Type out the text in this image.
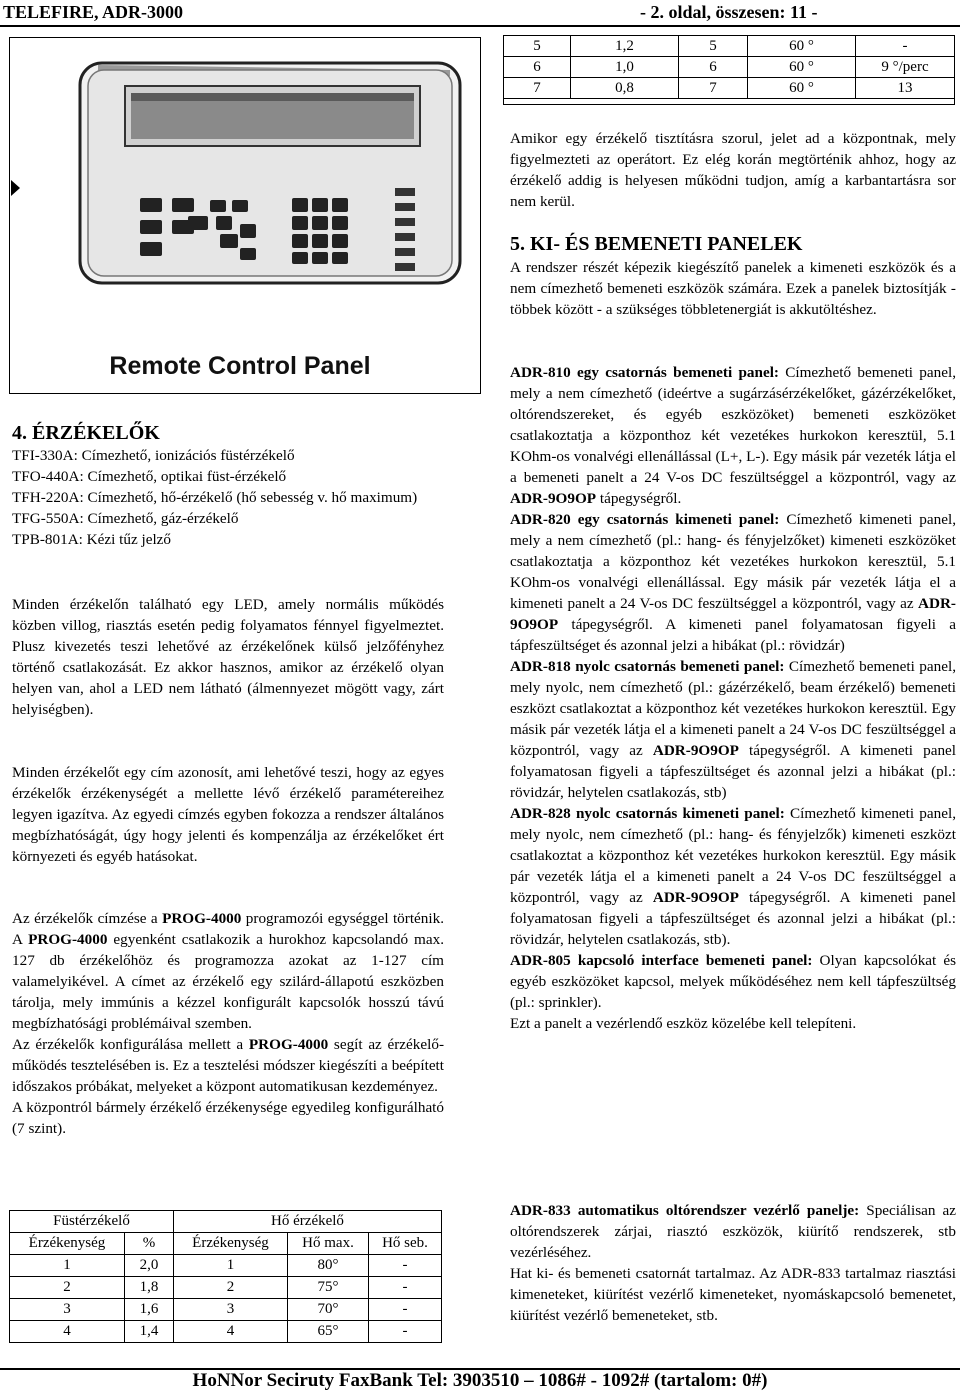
TELEFIRE, ADR-3000	- 2. oldal, összesen: 11 -
5	1,2	5	60 °	-
6	1,0	6	60 °	9 °/perc
7	0,8	7	60 °	13
Remote Control Panel
Amikor egy érzékelő tisztításra szorul, jelet ad a központnak, mely figyelmezteti az operátort. Ez elég korán megtörténik ahhoz, hogy az érzékelő addig is helyesen működni tudjon, amíg a karbantartásra sor nem kerül.
5. KI- ÉS BEMENETI PANELEK
A rendszer részét képezik kiegészítő panelek a kimeneti eszközök és a nem címezhető bemeneti eszközök számára. Ezek a panelek biztosítják - többek között - a szükséges többletenergiát is akkutöltéshez.

ADR-810 egy csatornás bemeneti panel: Címezhető bemeneti panel, mely a nem címezhető (ideértve a sugárzásérzékelőket, gázérzékelőket, oltórendszereket, és egyéb eszközöket) bemeneti eszközöket csatlakoztatja a központhoz két vezetékes hurkokon keresztül, 5.1 KOhm-os vonalvégi ellenállással (L+, L-). Egy másik pár vezeték látja el a bemeneti panelt a 24 V-os DC feszültséggel a központról, vagy az ADR-9O9OP tápegységről.

ADR-820 egy csatornás kimeneti panel: Címezhető kimeneti panel, mely a nem címezhető (pl.: hang- és fényjelzőket) kimeneti eszközöket csatlakoztatja a központhoz két vezetékes hurkokon keresztül, 5.1 KOhm-os vonalvégi ellenállással. Egy másik pár vezeték látja el a kimeneti panelt a 24 V-os DC feszültséggel a központról, vagy az ADR-9O9OP tápegységről. A kimeneti panel folyamatosan figyeli a tápfeszültséget és azonnal jelzi a hibákat (pl.: rövidzár)

ADR-818 nyolc csatornás bemeneti panel: Címezhető bemeneti panel, mely nyolc, nem címezhető (pl.: gázérzékelő, beam érzékelő) bemeneti eszközt csatlakoztat a központhoz két vezetékes hurkokon keresztül. Egy másik pár vezeték látja el a kimeneti panelt a 24 V-os DC feszültséggel a központról, vagy az ADR-9O9OP tápegységről. A kimeneti panel folyamatosan figyeli a tápfeszültséget és azonnal jelzi a hibákat (pl.: rövidzár, helytelen csatlakozás, stb)

ADR-828 nyolc csatornás kimeneti panel: Címezhető kimeneti panel, mely nyolc, nem címezhető (pl.: hang- és fényjelzők) kimeneti eszközt csatlakoztat a központhoz két vezetékes hurkokon keresztül. Egy másik pár vezeték látja el a kimeneti panelt a 24 V-os DC feszültséggel a központról, vagy az ADR-9O9OP tápegységről. A kimeneti panel folyamatosan figyeli a tápfeszültséget és azonnal jelzi a hibákat (pl.: rövidzár, helytelen csatlakozás, stb).

ADR-805 kapcsoló interface bemeneti panel: Olyan kapcsolókat és egyéb eszközöket kapcsol, melyek működéséhez nem kell tápfeszültség (pl.: sprinkler).

Ezt a panelt a vezérlendő eszköz közelébe kell telepíteni.

ADR-833 automatikus oltórendszer vezérlő panelje: Speciálisan az oltórendszerek zárjai, riasztó eszközök, kiürítő rendszerek, stb vezérléséhez.

Hat ki- és bemeneti csatornát tartalmaz. Az ADR-833 tartalmaz riasztási kimeneteket, kiürítést vezérlő kimeneteket, nyomáskapcsoló bemenetet, kiürítést vezérlő bemeneteket, stb.

4. ÉRZÉKELŐK

TFI-330A: Címezhető, ionizációs füstérzékelő

TFO-440A: Címezhető, optikai füst-érzékelő

TFH-220A: Címezhető, hő-érzékelő (hő sebesség v. hő maximum)

TFG-550A: Címezhető, gáz-érzékelő

TPB-801A: Kézi tűz jelző

Minden érzékelőn található egy LED, amely normális működés közben villog, riasztás esetén pedig folyamatos fénnyel figyelmeztet. Plusz kivezetés teszi lehetővé az érzékelőnek külső jelzőfényhez történő csatlakozását. Ez akkor hasznos, amikor az érzékelő olyan helyen van, ahol a LED nem látható (álmennyezet mögött vagy, zárt helyiségben).
Minden érzékelőt egy cím azonosít, ami lehetővé teszi, hogy az egyes érzékelők érzékenységét a mellette lévő érzékelő paramétereihez legyen igazítva. Az egyedi címzés egyben fokozza a rendszer általános megbízhatóságát, úgy hogy jelenti és kompenzálja az érzékelőket ért környezeti és egyéb hatásokat.

Az érzékelők címzése a PROG-4000 programozói egységgel történik. A PROG-4000 egyenként csatlakozik a hurokhoz kapcsolandó max. 127 db érzékelőhöz és programozza azokat az 1-127 cím valamelyikével. A címet az érzékelő egy szilárd-állapotú eszközben tárolja, mely immúnis a kézzel konfigurált kapcsolók hosszú távú megbízhatósági problémáival szemben.

Az érzékelők konfigurálása mellett a PROG-4000 segít az érzékelő-működés tesztelésében is. Ez a tesztelési módszer kiegészíti a beépített időszakos próbákat, melyeket a központ automatikusan kezdeményez.

A központról bármely érzékelő érzékenysége egyedileg konfigurálható (7 szint).

Füstérzékelő		Hő érzékelő		
Érzékenység	%	Érzékenység	Hő max.	Hő seb.
1	2,0	1	80°	-
2	1,8	2	75°	-
3	1,6	3	70°	-
4	1,4	4	65°	-
HoNNor Seciruty FaxBank Tel: 3903510 – 1086# - 1092# (tartalom: 0#)
